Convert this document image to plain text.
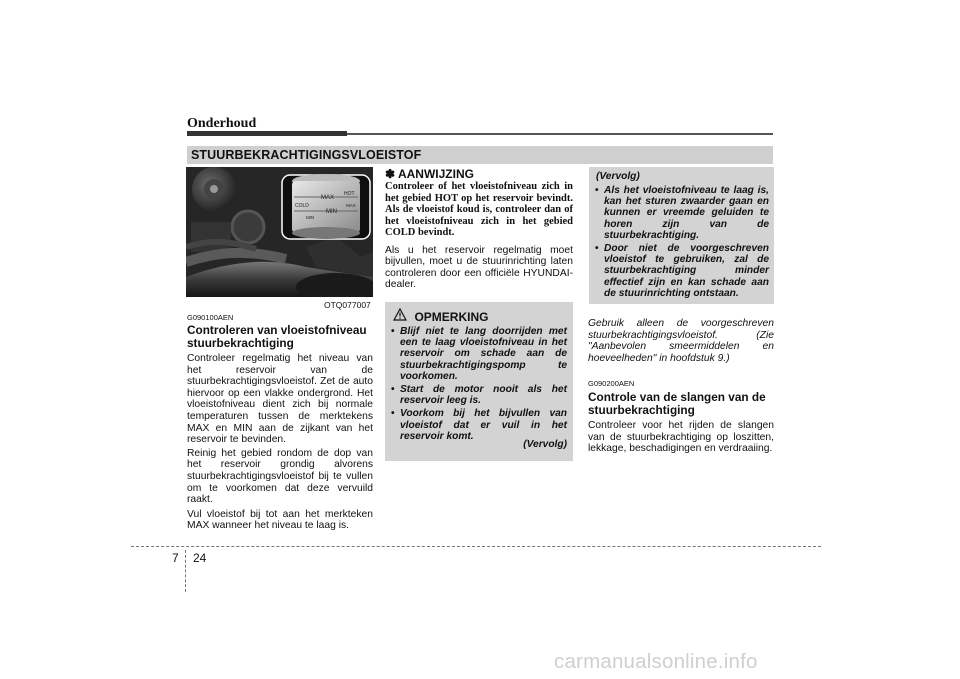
Onderhoud
STUURBEKRACHTIGINGSVLOEISTOF
MAX
MIN
HOT
COLD	MAX
MIN
OTQ077007
G090100AEN
Controleren van vloeistofniveau stuurbekrachtiging
Controleer regelmatig het niveau van het reservoir van de stuurbekrachtigingsvloeistof. Zet de auto hiervoor op een vlakke ondergrond. Het vloeistofniveau dient zich bij normale temperaturen tussen de merktekens MAX en MIN aan de zijkant van het reservoir te bevinden.
Reinig het gebied rondom de dop van het reservoir grondig alvorens stuurbekrachtigingsvloeistof bij te vullen om te voorkomen dat deze vervuild raakt.
Vul vloeistof bij tot aan het merkteken MAX wanneer het niveau te laag is.
✽ AANWIJZING
Controleer of het vloeistofniveau zich in het gebied HOT op het reservoir bevindt. Als de vloeistof koud is, controleer dan of het vloeistofniveau zich in het gebied COLD bevindt.
Als u het reservoir regelmatig moet bijvullen, moet u de stuurinrichting laten controleren door een officiële HYUNDAI-dealer.
OPMERKING
• Blijf niet te lang doorrijden met een te laag vloeistofniveau in het reservoir om schade aan de stuurbekrachtigingspomp te voorkomen.
• Start de motor nooit als het reservoir leeg is.
• Voorkom bij het bijvullen van vloeistof dat er vuil in het reservoir komt.
(Vervolg)
(Vervolg)
• Als het vloeistofniveau te laag is, kan het sturen zwaarder gaan en kunnen er vreemde geluiden te horen zijn van de stuurbekrachtiging.
• Door niet de voorgeschreven vloeistof te gebruiken, zal de stuurbekrachtiging minder effectief zijn en kan schade aan de stuurinrichting ontstaan.
Gebruik alleen de voorgeschreven stuurbekrachtigingsvloeistof. (Zie "Aanbevolen smeermiddelen en hoeveelheden" in hoofdstuk 9.)
G090200AEN
Controle van de slangen van de stuurbekrachtiging
Controleer voor het rijden de slangen van de stuurbekrachtiging op loszitten, lekkage, beschadigingen en verdraaiing.
7 24
carmanualsonline.info
